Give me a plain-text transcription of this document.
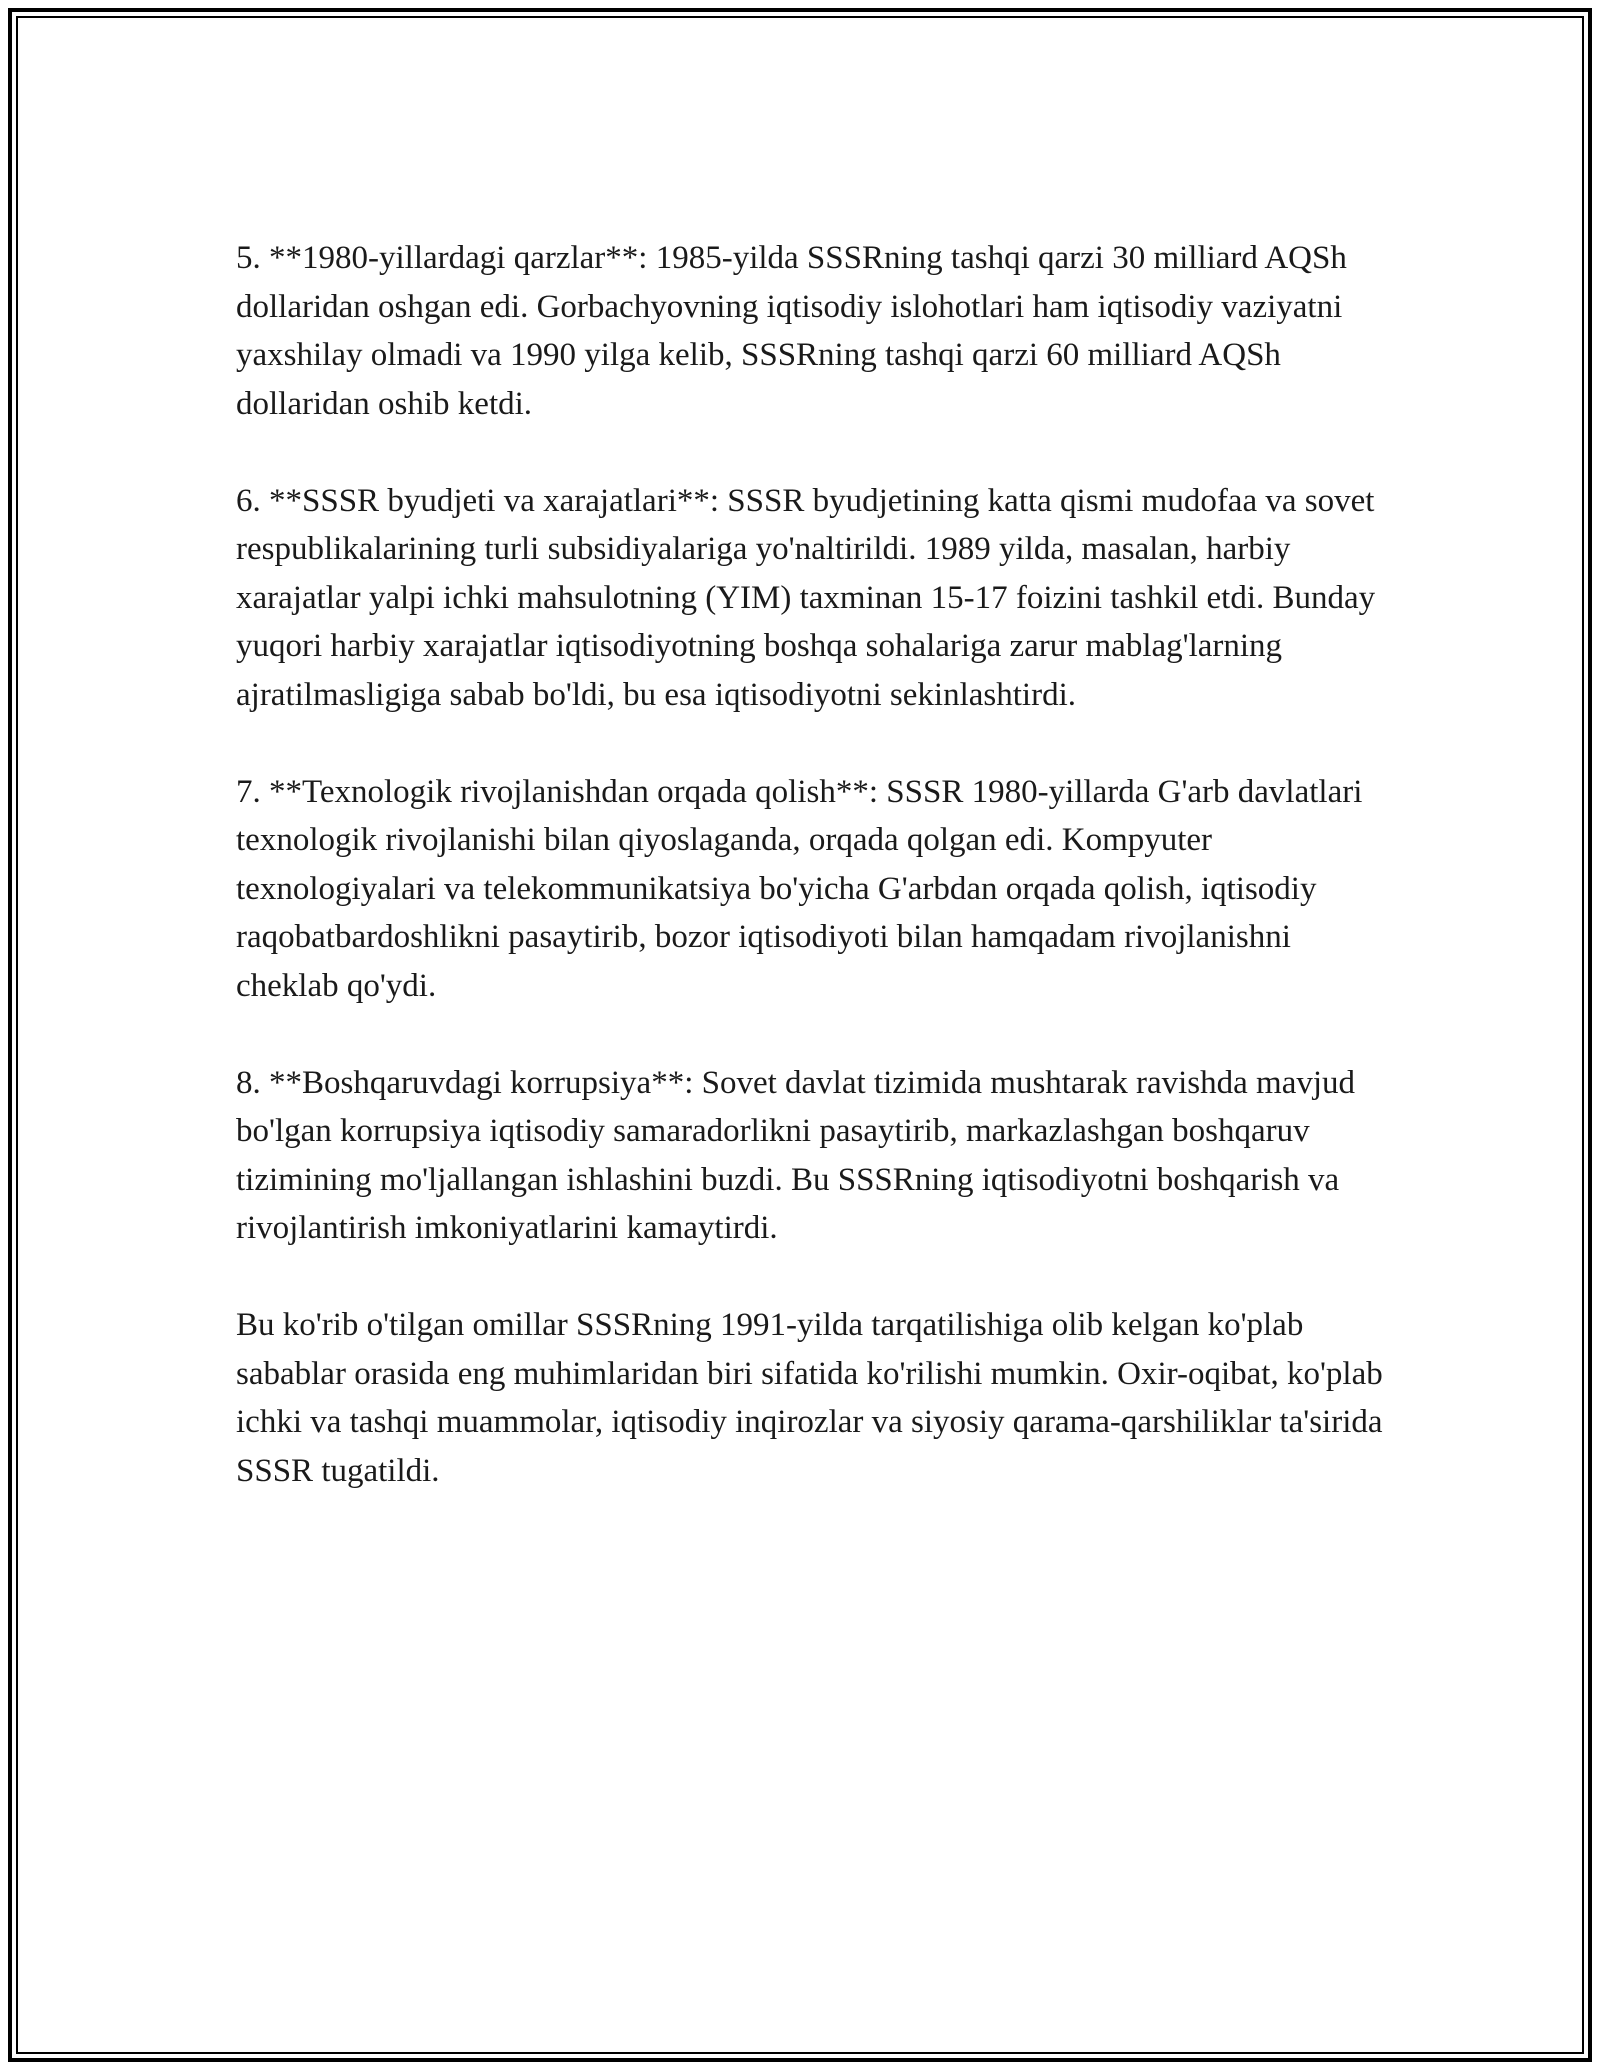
5. **1980-yillardagi qarzlar**: 1985-yilda SSSRning tashqi qarzi 30 milliard AQSh dollaridan oshgan edi. Gorbachyovning iqtisodiy islohotlari ham iqtisodiy vaziyatni yaxshilay olmadi va 1990 yilga kelib, SSSRning tashqi qarzi 60 milliard AQSh dollaridan oshib ketdi.

6. **SSSR byudjeti va xarajatlari**: SSSR byudjetining katta qismi mudofaa va sovet respublikalarining turli subsidiyalariga yo'naltirildi. 1989 yilda, masalan, harbiy xarajatlar yalpi ichki mahsulotning (YIM) taxminan 15-17 foizini tashkil etdi. Bunday yuqori harbiy xarajatlar iqtisodiyotning boshqa sohalariga zarur mablag'larning ajratilmasligiga sabab bo'ldi, bu esa iqtisodiyotni sekinlashtirdi.

7. **Texnologik rivojlanishdan orqada qolish**: SSSR 1980-yillarda G'arb davlatlari texnologik rivojlanishi bilan qiyoslaganda, orqada qolgan edi. Kompyuter texnologiyalari va telekommunikatsiya bo'yicha G'arbdan orqada qolish, iqtisodiy raqobatbardoshlikni pasaytirib, bozor iqtisodiyoti bilan hamqadam rivojlanishni cheklab qo'ydi.

8. **Boshqaruvdagi korrupsiya**: Sovet davlat tizimida mushtarak ravishda mavjud bo'lgan korrupsiya iqtisodiy samaradorlikni pasaytirib, markazlashgan boshqaruv tizimining mo'ljallangan ishlashini buzdi. Bu SSSRning iqtisodiyotni boshqarish va rivojlantirish imkoniyatlarini kamaytirdi.

Bu ko'rib o'tilgan omillar SSSRning 1991-yilda tarqatilishiga olib kelgan ko'plab sabablar orasida eng muhimlaridan biri sifatida ko'rilishi mumkin. Oxir-oqibat, ko'plab ichki va tashqi muammolar, iqtisodiy inqirozlar va siyosiy qarama-qarshiliklar ta'sirida SSSR tugatildi.
